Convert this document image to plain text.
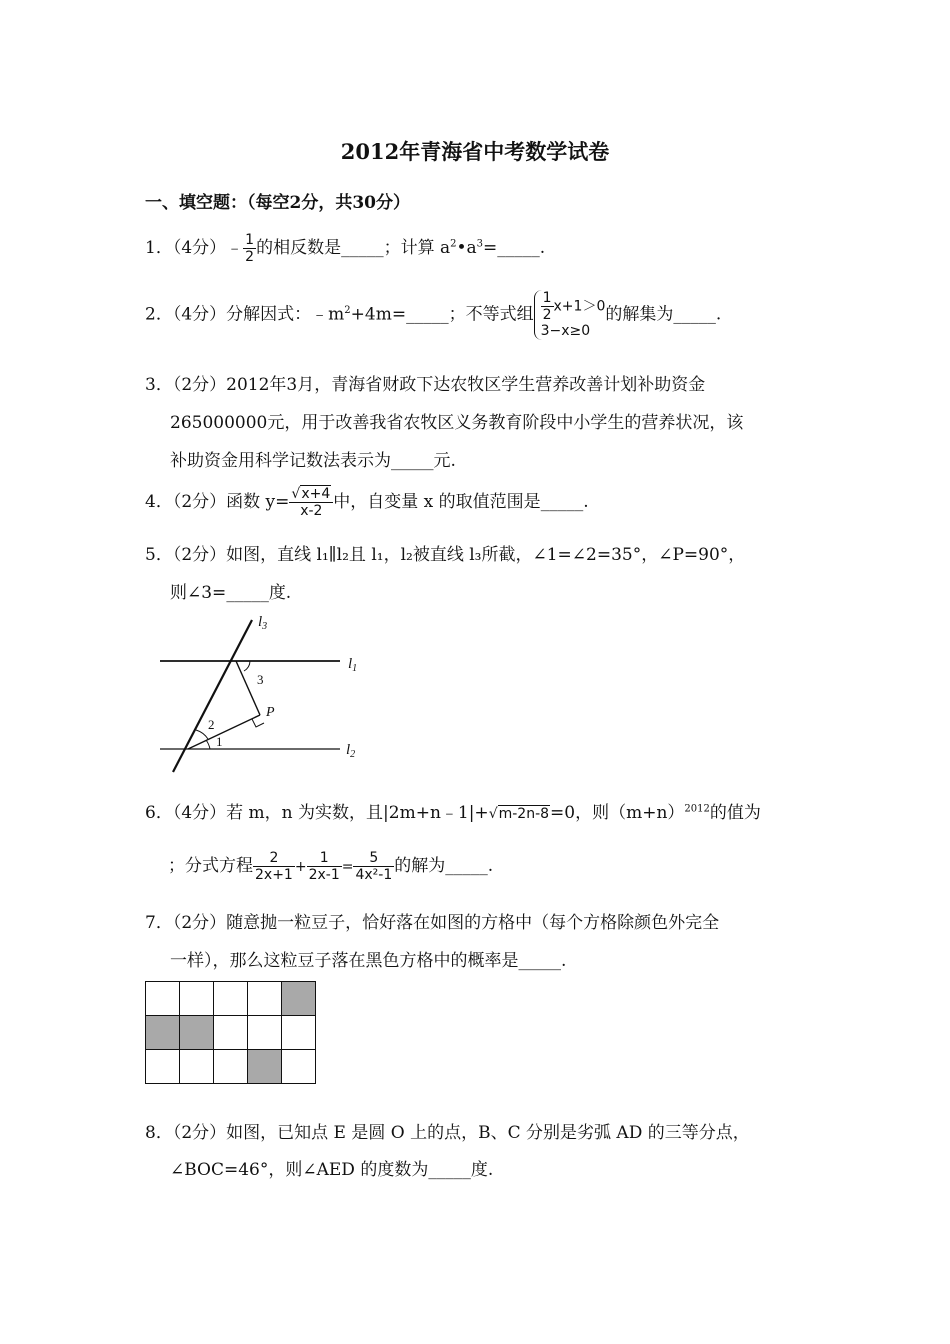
2012年青海省中考数学试卷
一、填空题：（每空2分，共30分）
1．（4分）﹣ $\frac{1}{2}$ 的相反数是_____；计算 $a^2•a^3=\_\_\_\_\_$.
2．（4分）分解因式：$﹣m^2+4m=\_\_\_\_\_$；不等式组 $\frac{1}{2} x+1>0$
3−x≥0
的解集为_____.
3．（2分）2012年3月，青海省财政下达农牧区学生营养改善计划补助资金
265000000元，用于改善我省农牧区义务教育阶段中小学生的营养状况，该
补助资金用科学记数法表示为_____元.
4．（2分）函数 $y= \frac{√x+4}{x-2}$ 中，自变量 x 的取值范围是_____.
5．（2分）如图，直线 l₁∥l₂且 l₁，l₂被直线 l₃所截，∠1=∠2=35°，∠P=90°，
则∠3=_____度.
$l_3$
$l_1$
$l_2$
3
P
2
1
6．（4分）若 m，n 为实数，且|2m+n﹣1|+√m-2n-8=0，则$(m+n)^{2012}$的值为
；分式方程 $\frac{2}{2x+1} + \frac{1}{2x-1} = \frac{5}{\text{4x²-1}}$ 的解为_____.
7．（2分）随意抛一粒豆子，恰好落在如图的方格中（每个方格除颜色外完全
一样），那么这粒豆子落在黑色方格中的概率是_____.

8．（2分）如图，已知点 E 是圆 O 上的点，B、C 分别是劣弧 AD 的三等分点，
∠BOC=46°，则∠AED 的度数为_____度.
